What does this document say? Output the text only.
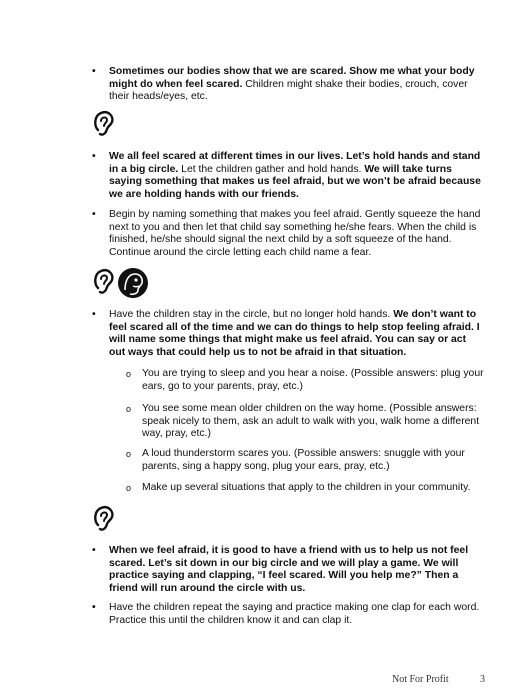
• Sometimes our bodies show that we are scared. Show me what your body might do when feel scared. Children might shake their bodies, crouch, cover their heads/eyes, etc.
• We all feel scared at different times in our lives. Let’s hold hands and stand in a big circle. Let the children gather and hold hands. We will take turns saying something that makes us feel afraid, but we won’t be afraid because we are holding hands with our friends.
• Begin by naming something that makes you feel afraid. Gently squeeze the hand next to you and then let that child say something he/she fears. When the child is finished, he/she should signal the next child by a soft squeeze of the hand. Continue around the circle letting each child name a fear.
• Have the children stay in the circle, but no longer hold hands. We don’t want to feel scared all of the time and we can do things to help stop feeling afraid. I will name some things that might make us feel afraid. You can say or act out ways that could help us to not be afraid in that situation.
o You are trying to sleep and you hear a noise. (Possible answers: plug your ears, go to your parents, pray, etc.)
o You see some mean older children on the way home. (Possible answers: speak nicely to them, ask an adult to walk with you, walk home a different way, pray, etc.)
o A loud thunderstorm scares you. (Possible answers: snuggle with your parents, sing a happy song, plug your ears, pray, etc.)
o Make up several situations that apply to the children in your community.
• When we feel afraid, it is good to have a friend with us to help us not feel scared. Let’s sit down in our big circle and we will play a game. We will practice saying and clapping, “I feel scared. Will you help me?” Then a friend will run around the circle with us.
• Have the children repeat the saying and practice making one clap for each word. Practice this until the children know it and can clap it.
Not For Profit	3
